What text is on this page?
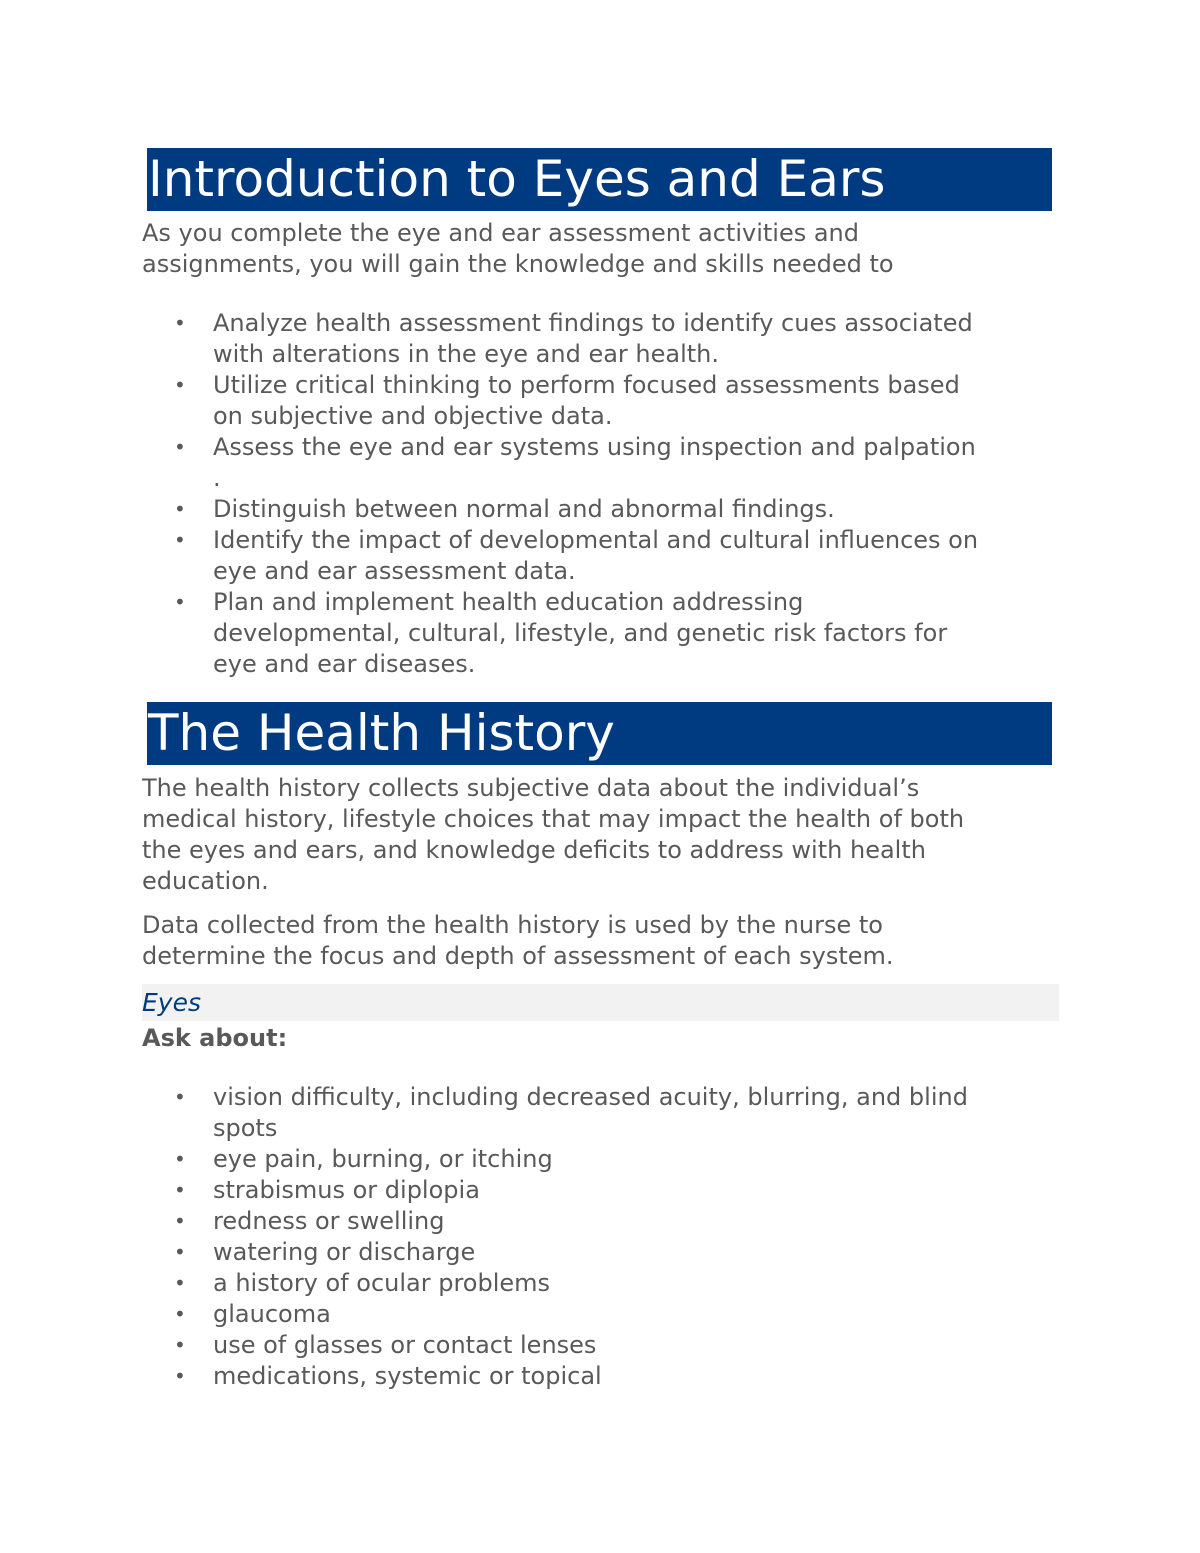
Introduction to Eyes and Ears
As you complete the eye and ear assessment activities and
assignments, you will gain the knowledge and skills needed to
• Analyze health assessment findings to identify cues associated
with alterations in the eye and ear health.
• Utilize critical thinking to perform focused assessments based
on subjective and objective data.
• Assess the eye and ear systems using inspection and palpation
.
• Distinguish between normal and abnormal findings.
• Identify the impact of developmental and cultural influences on
eye and ear assessment data.
• Plan and implement health education addressing
developmental, cultural, lifestyle, and genetic risk factors for
eye and ear diseases.
The Health History
The health history collects subjective data about the individual’s
medical history, lifestyle choices that may impact the health of both
the eyes and ears, and knowledge deficits to address with health
education.
Data collected from the health history is used by the nurse to
determine the focus and depth of assessment of each system.
Eyes
Ask about:
• vision difficulty, including decreased acuity, blurring, and blind
spots
• eye pain, burning, or itching
• strabismus or diplopia
• redness or swelling
• watering or discharge
• a history of ocular problems
• glaucoma
• use of glasses or contact lenses
• medications, systemic or topical
